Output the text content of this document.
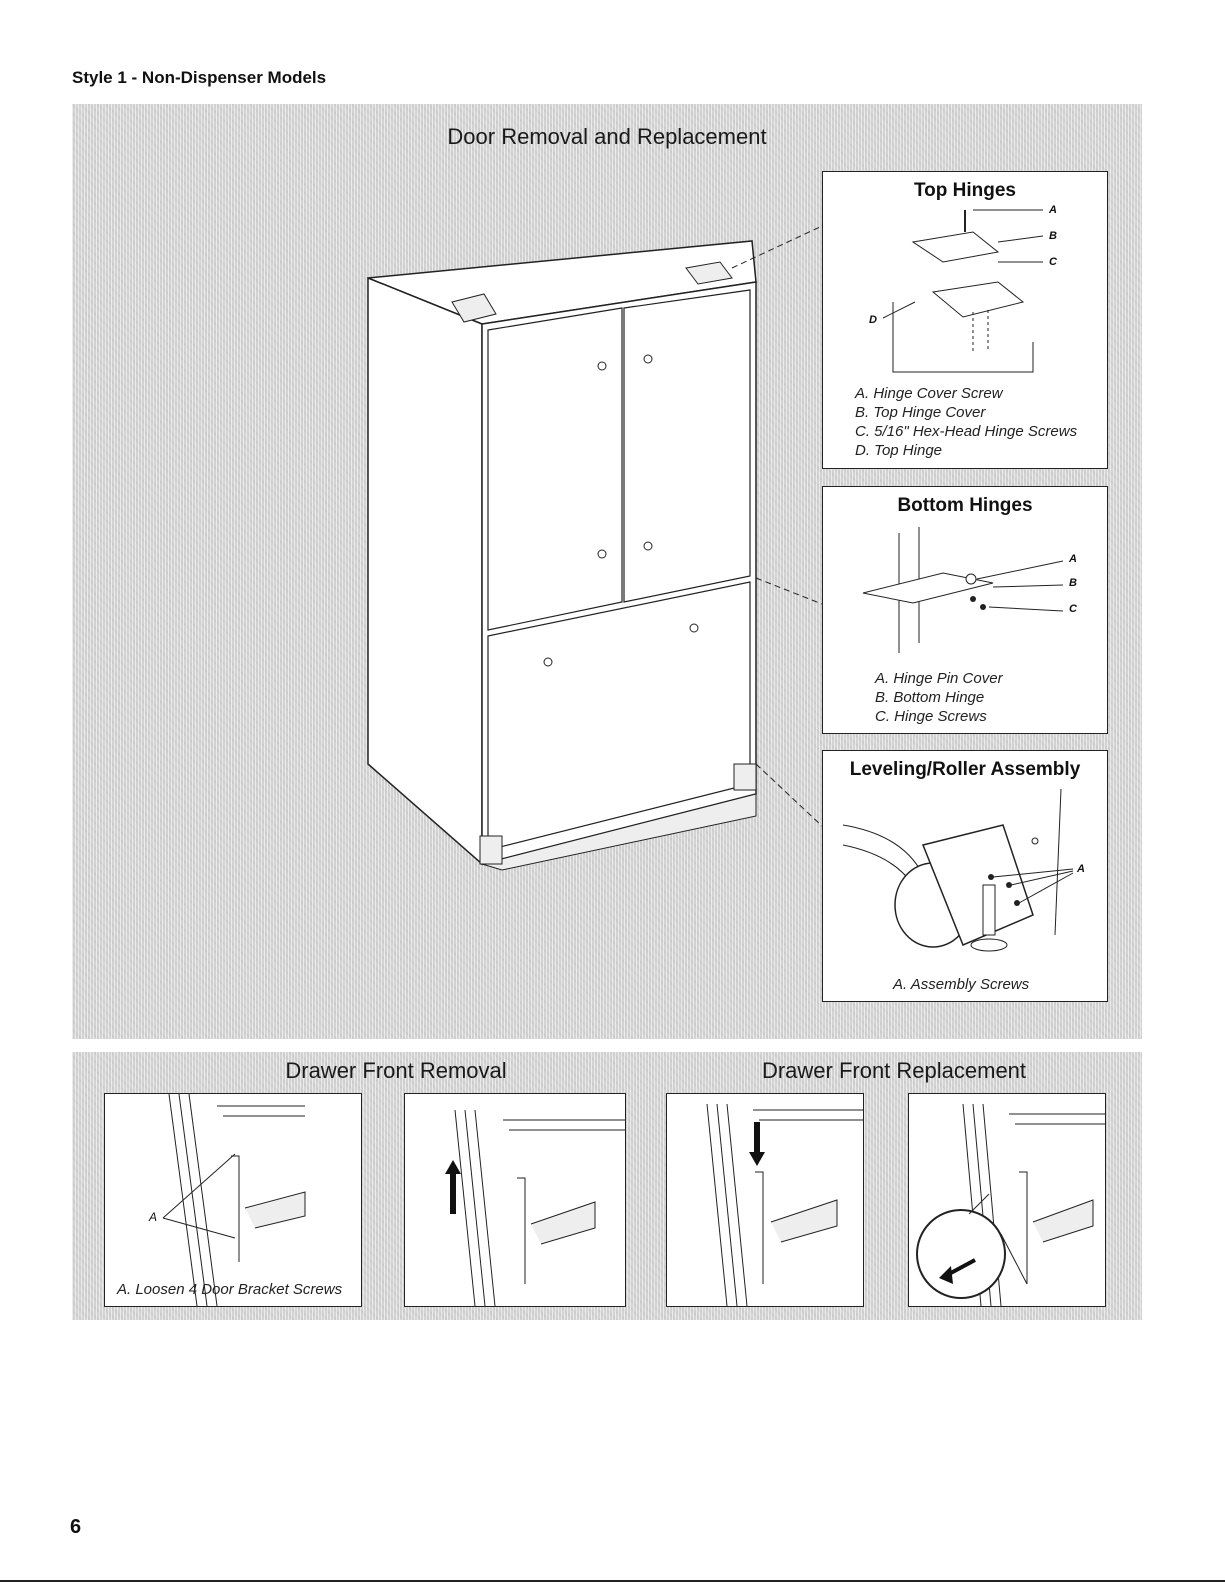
Style 1 - Non-Dispenser Models
Door Removal and Replacement
Top Hinges
A
B
C
D
A. Hinge Cover Screw
B. Top Hinge Cover
C. 5/16" Hex-Head Hinge Screws
D. Top Hinge
Bottom Hinges
A
B
C
A. Hinge Pin Cover
B. Bottom Hinge
C. Hinge Screws
Leveling/Roller Assembly
A
A. Assembly Screws
Drawer Front Removal	Drawer Front Replacement
A
A. Loosen 4 Door Bracket Screws
6
